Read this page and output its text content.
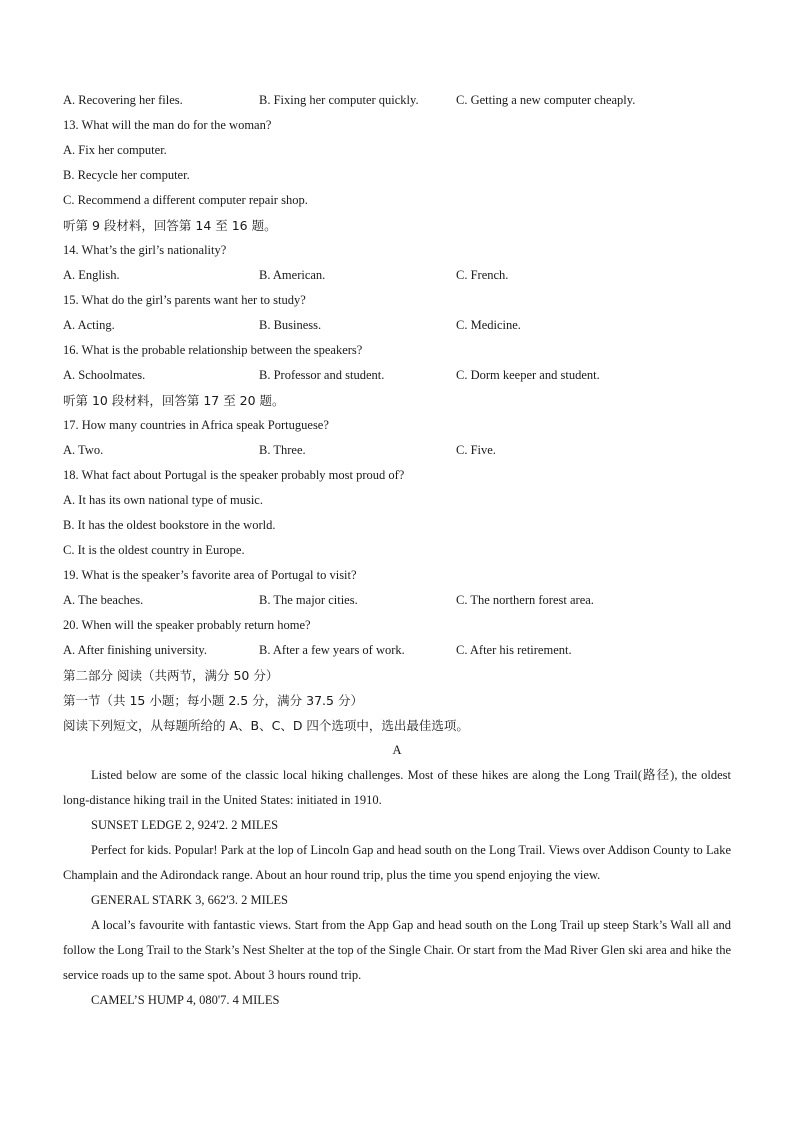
A. Recovering her files.	B. Fixing her computer quickly.	C. Getting a new computer cheaply.
13. What will the man do for the woman?
A. Fix her computer.
B. Recycle her computer.
C. Recommend a different computer repair shop.
听第 9 段材料，回答第 14 至 16 题。
14. What’s the girl’s nationality?
A. English.	B. American.	C. French.
15. What do the girl’s parents want her to study?
A. Acting.	B. Business.	C. Medicine.
16. What is the probable relationship between the speakers?
A. Schoolmates.	B. Professor and student.	C. Dorm keeper and student.
听第 10 段材料，回答第 17 至 20 题。
17. How many countries in Africa speak Portuguese?
A. Two.	B. Three.	C. Five.
18. What fact about Portugal is the speaker probably most proud of?
A. It has its own national type of music.
B. It has the oldest bookstore in the world.
C. It is the oldest country in Europe.
19. What is the speaker’s favorite area of Portugal to visit?
A. The beaches.	B. The major cities.	C. The northern forest area.
20. When will the speaker probably return home?
A. After finishing university.	B. After a few years of work.	C. After his retirement.
第二部分 阅读（共两节，满分 50 分）
第一节（共 15 小题；每小题 2.5 分，满分 37.5 分）
阅读下列短文，从每题所给的 A、B、C、D 四个选项中，选出最佳选项。
A
Listed below are some of the classic local hiking challenges. Most of these hikes are along the Long Trail(路径), the oldest long-distance hiking trail in the United States: initiated in 1910.
SUNSET LEDGE 2, 924'2. 2 MILES
Perfect for kids. Popular! Park at the lop of Lincoln Gap and head south on the Long Trail. Views over Addison County to Lake Champlain and the Adirondack range. About an hour round trip, plus the time you spend enjoying the view.
GENERAL STARK 3, 662'3. 2 MILES
A local’s favourite with fantastic views. Start from the App Gap and head south on the Long Trail up steep Stark’s Wall all and follow the Long Trail to the Stark’s Nest Shelter at the top of the Single Chair. Or start from the Mad River Glen ski area and hike the service roads up to the same spot. About 3 hours round trip.
CAMEL’S HUMP 4, 080'7. 4 MILES
